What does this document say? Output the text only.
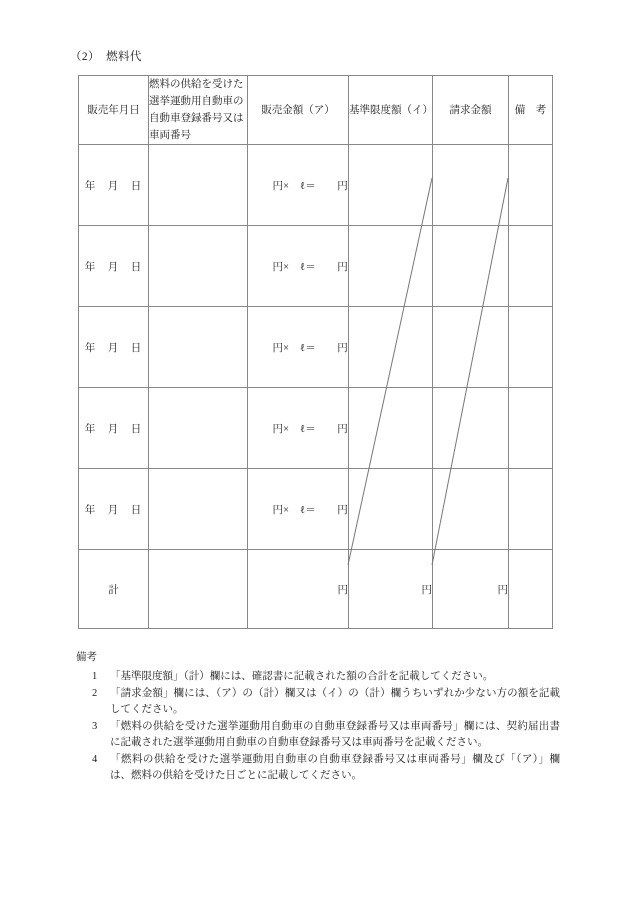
（2）　燃料代
販売年月日	燃料の供給を受けた選挙運動用自動車の自動車登録番号又は車両番号	販売金額（ア）	基準限度額（イ）	請求金額	備　考
年　月　日		円×　ℓ＝　　円			
年　月　日		円×　ℓ＝　　円			
年　月　日		円×　ℓ＝　　円			
年　月　日		円×　ℓ＝　　円			
年　月　日		円×　ℓ＝　　円			
計		円	円	円	
備考
1	「基準限度額」（計）欄には、確認書に記載された額の合計を記載してください。
2	「請求金額」欄には、（ア）の（計）欄又は（イ）の（計）欄うちいずれか少ない方の額を記載してください。
3	「燃料の供給を受けた選挙運動用自動車の自動車登録番号又は車両番号」欄には、契約届出書に記載された選挙運動用自動車の自動車登録番号又は車両番号を記載ください。
4	「燃料の供給を受けた選挙運動用自動車の自動車登録番号又は車両番号」欄及び「（ア）」欄は、燃料の供給を受けた日ごとに記載してください。
